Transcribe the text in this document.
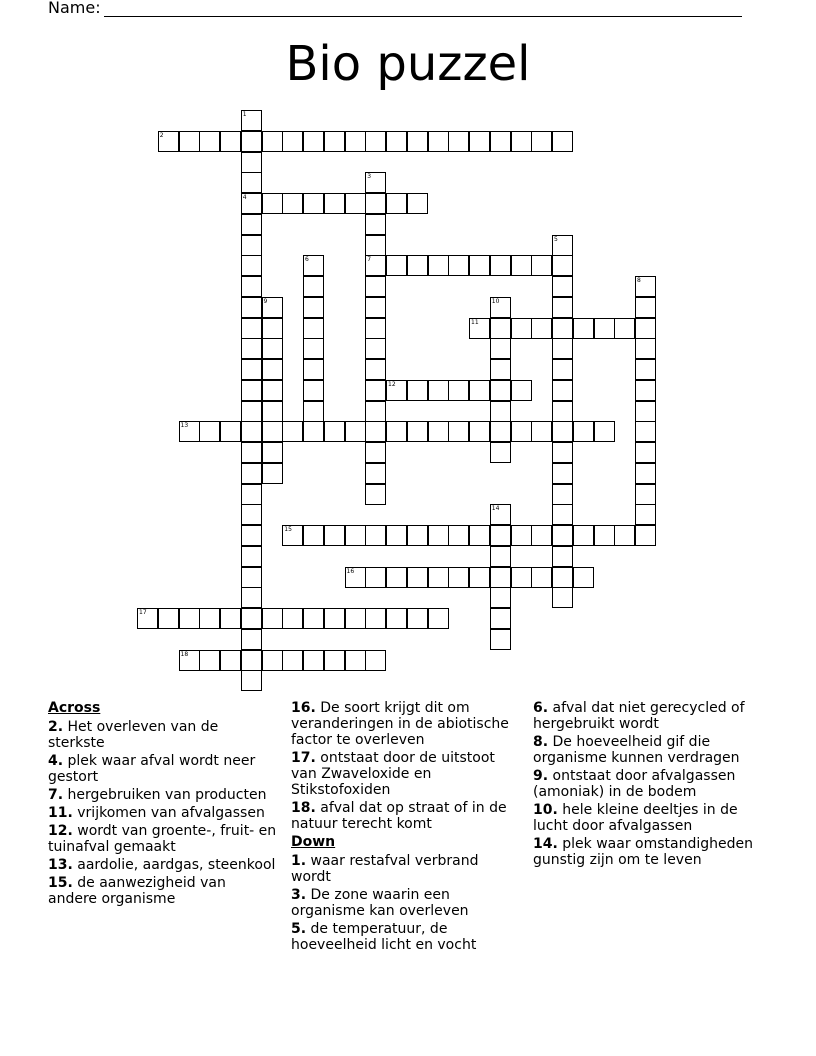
Name:
Bio puzzel
1
4
2
3
7
5
6
8
9	10
11
12
13
14
15
16
17
18
Across
2. Het overleven van de sterkste
4. plek waar afval wordt neer gestort
7. hergebruiken van producten
11. vrijkomen van afvalgassen
12. wordt van groente-, fruit- en tuinafval gemaakt
13. aardolie, aardgas, steenkool
15. de aanwezigheid van andere organisme
16. De soort krijgt dit om veranderingen in de abiotische factor te overleven
17. ontstaat door de uitstoot van Zwaveloxide en Stikstofoxiden
18. afval dat op straat of in de natuur terecht komt
Down
1. waar restafval verbrand wordt
3. De zone waarin een organisme kan overleven
5. de temperatuur, de hoeveelheid licht en vocht
6. afval dat niet gerecycled of hergebruikt wordt
8. De hoeveelheid gif die organisme kunnen verdragen
9. ontstaat door afvalgassen (amoniak) in de bodem
10. hele kleine deeltjes in de lucht door afvalgassen
14. plek waar omstandigheden gunstig zijn om te leven
